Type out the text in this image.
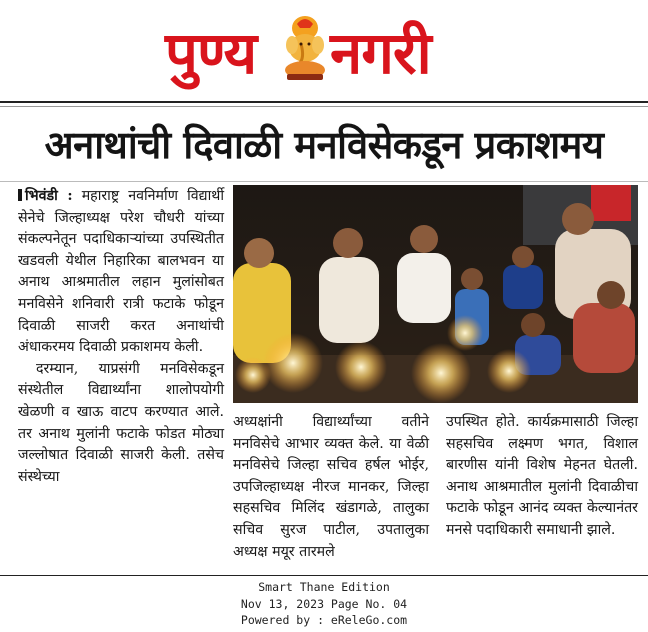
पुण्य नगरी
अनाथांची दिवाळी मनविसेकडून प्रकाशमय

भिवंडी : महाराष्ट्र नवनिर्माण विद्यार्थी सेनेचे जिल्हाध्यक्ष परेश चौधरी यांच्या संकल्पनेतून पदाधिकाऱ्यांच्या उपस्थितीत खडवली येथील निहारिका बालभवन या अनाथ आश्रमातील लहान मुलांसोबत मनविसेने शनिवारी रात्री फटाके फोडून दिवाळी साजरी करत अनाथांची अंधाकरमय दिवाळी प्रकाशमय केली.

दरम्यान, याप्रसंगी मनविसेकडून संस्थेतील विद्यार्थ्यांना शालोपयोगी खेळणी व खाऊ वाटप करण्यात आले. तर अनाथ मुलांनी फटाके फोडत मोठ्या जल्लोषात दिवाळी साजरी केली. तसेच संस्थेच्या

अध्यक्षांनी विद्यार्थ्यांच्या वतीने मनविसेचे आभार व्यक्त केले. या वेळी मनविसेचे जिल्हा सचिव हर्षल भोईर, उपजिल्हाध्यक्ष नीरज मानकर, जिल्हा सहसचिव मिलिंद खंडागळे, तालुका सचिव सुरज पाटील, उपतालुका अध्यक्ष मयूर तारमले

उपस्थित होते. कार्यक्रमासाठी जिल्हा सहसचिव लक्ष्मण भगत, विशाल बारणीस यांनी विशेष मेहनत घेतली. अनाथ आश्रमातील मुलांनी दिवाळीचा फटाके फोडून आनंद व्यक्त केल्यानंतर मनसे पदाधिकारी समाधानी झाले.

Smart Thane Edition
Nov 13, 2023 Page No. 04
Powered by : eReleGo.com
